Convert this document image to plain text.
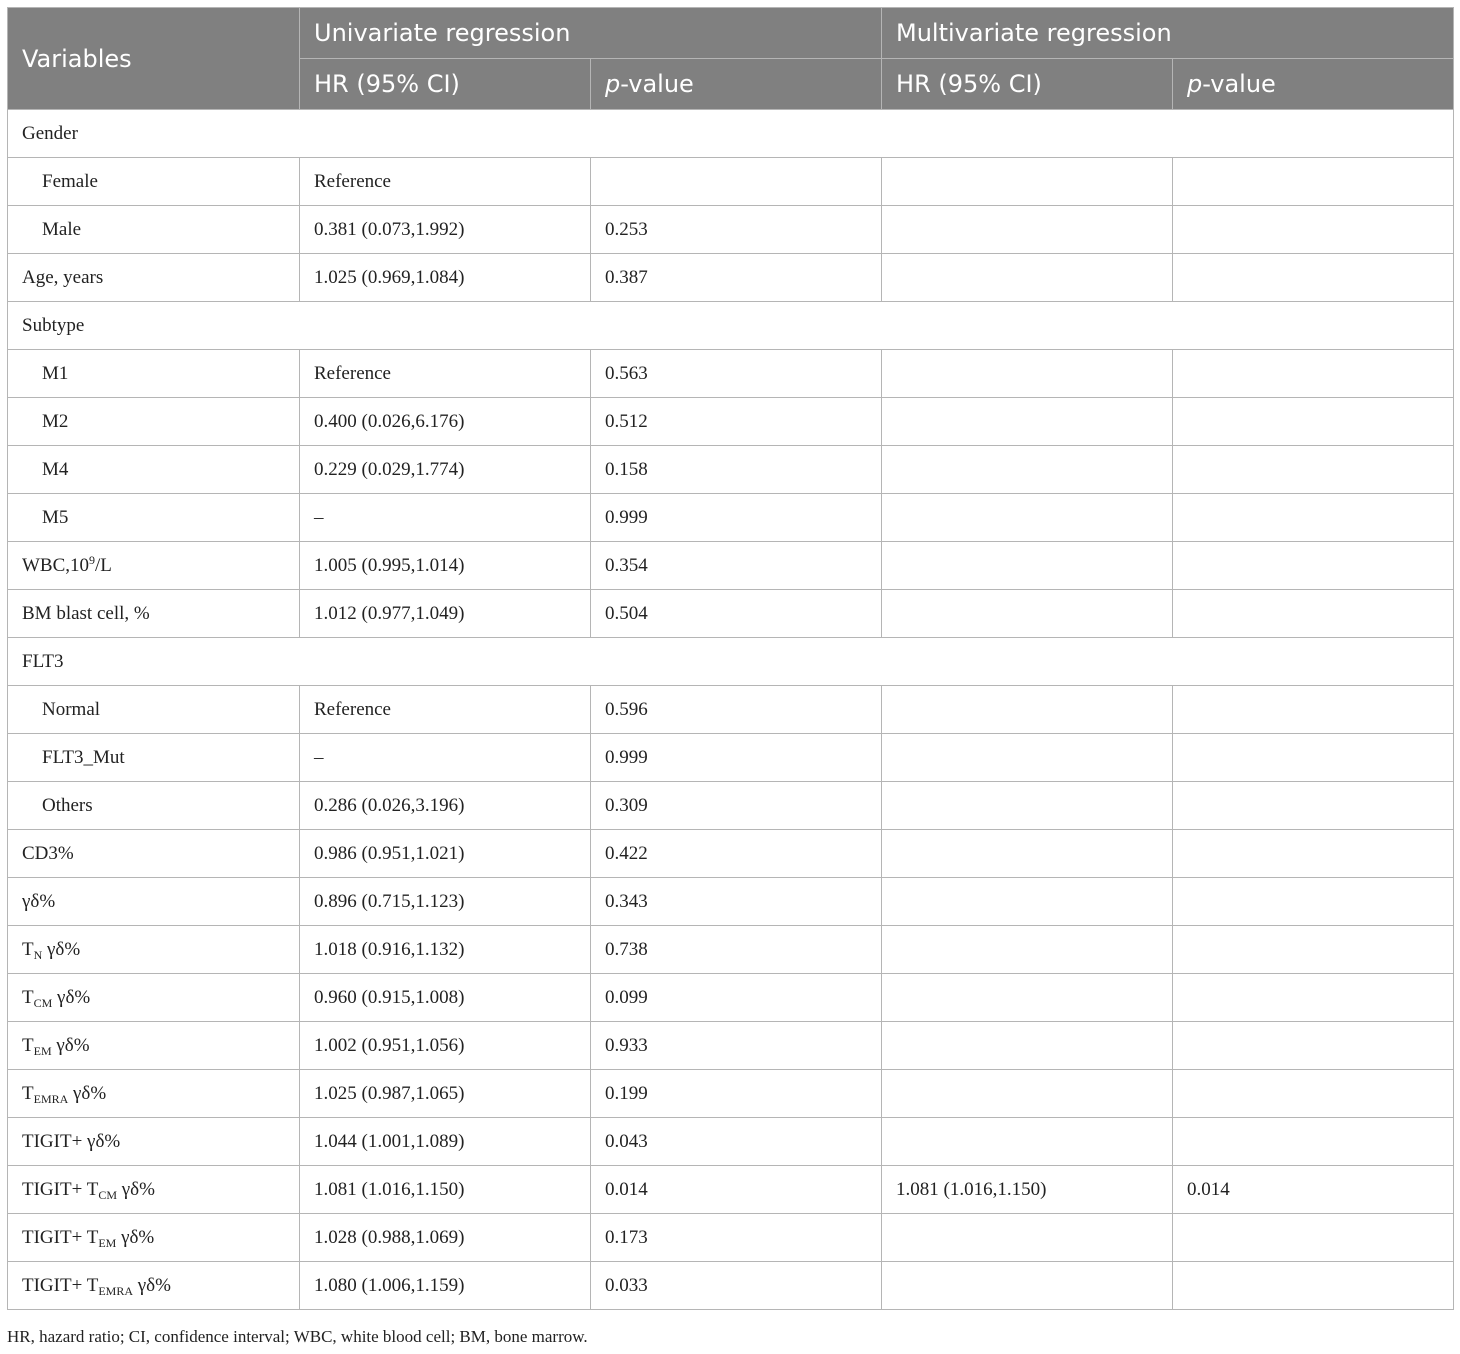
Variables	Univariate regression		Multivariate regression	
	HR (95% CI)	p-value	HR (95% CI)	p-value
Gender				
Female	Reference			
Male	0.381 (0.073,1.992)	0.253		
Age, years	1.025 (0.969,1.084)	0.387		
Subtype				
M1	Reference	0.563		
M2	0.400 (0.026,6.176)	0.512		
M4	0.229 (0.029,1.774)	0.158		
M5	–	0.999		
$WBC,10^9/L$	1.005 (0.995,1.014)	0.354		
BM blast cell, %	1.012 (0.977,1.049)	0.504		
FLT3				
Normal	Reference	0.596		
FLT3_Mut	–	0.999		
Others	0.286 (0.026,3.196)	0.309		
CD3%	0.986 (0.951,1.021)	0.422		
γδ%	0.896 (0.715,1.123)	0.343		
$T_N$ γδ%	1.018 (0.916,1.132)	0.738		
$T_{CM}$ γδ%	0.960 (0.915,1.008)	0.099		
$T_{EM}$ γδ%	1.002 (0.951,1.056)	0.933		
$T_{EMRA}$ γδ%	1.025 (0.987,1.065)	0.199		
TIGIT+ γδ%	1.044 (1.001,1.089)	0.043		
TIGIT+ $T_{CM}$ γδ%	1.081 (1.016,1.150)	0.014	1.081 (1.016,1.150)	0.014
TIGIT+ $T_{EM}$ γδ%	1.028 (0.988,1.069)	0.173		
TIGIT+ $T_{EMRA}$ γδ%	1.080 (1.006,1.159)	0.033		
HR, hazard ratio; CI, confidence interval; WBC, white blood cell; BM, bone marrow.
